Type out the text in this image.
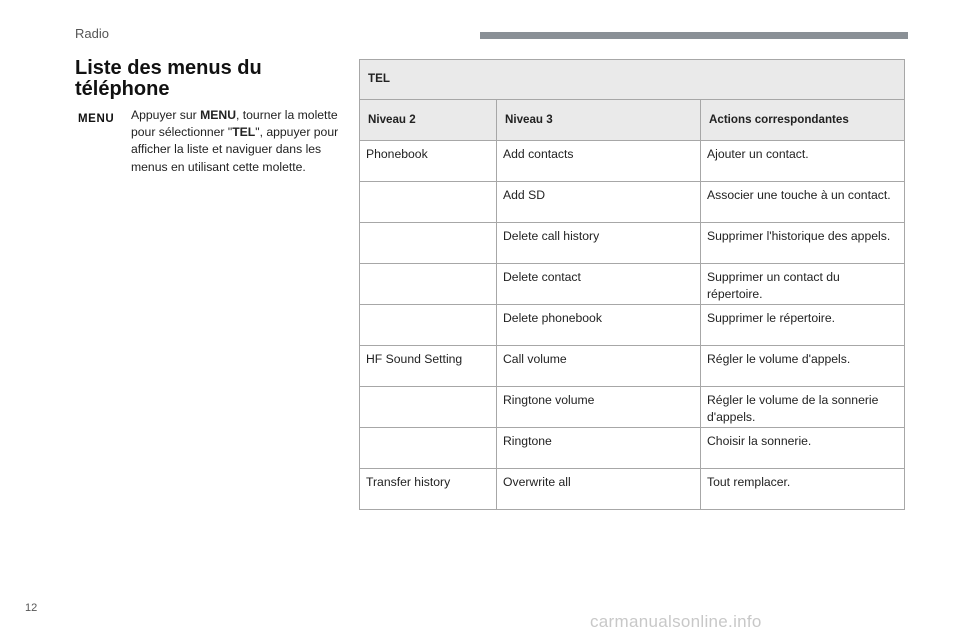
Radio
Liste des menus du téléphone
MENU Appuyer sur MENU, tourner la molette pour sélectionner "TEL", appuyer pour afficher la liste et naviguer dans les menus en utilisant cette molette.
TEL		
Niveau 2	Niveau 3	Actions correspondantes
Phonebook	Add contacts	Ajouter un contact.
	Add SD	Associer une touche à un contact.
	Delete call history	Supprimer l'historique des appels.
	Delete contact	Supprimer un contact du répertoire.
	Delete phonebook	Supprimer le répertoire.
HF Sound Setting	Call volume	Régler le volume d'appels.
	Ringtone volume	Régler le volume de la sonnerie d'appels.
	Ringtone	Choisir la sonnerie.
Transfer history	Overwrite all	Tout remplacer.
12
carmanualsonline.info
